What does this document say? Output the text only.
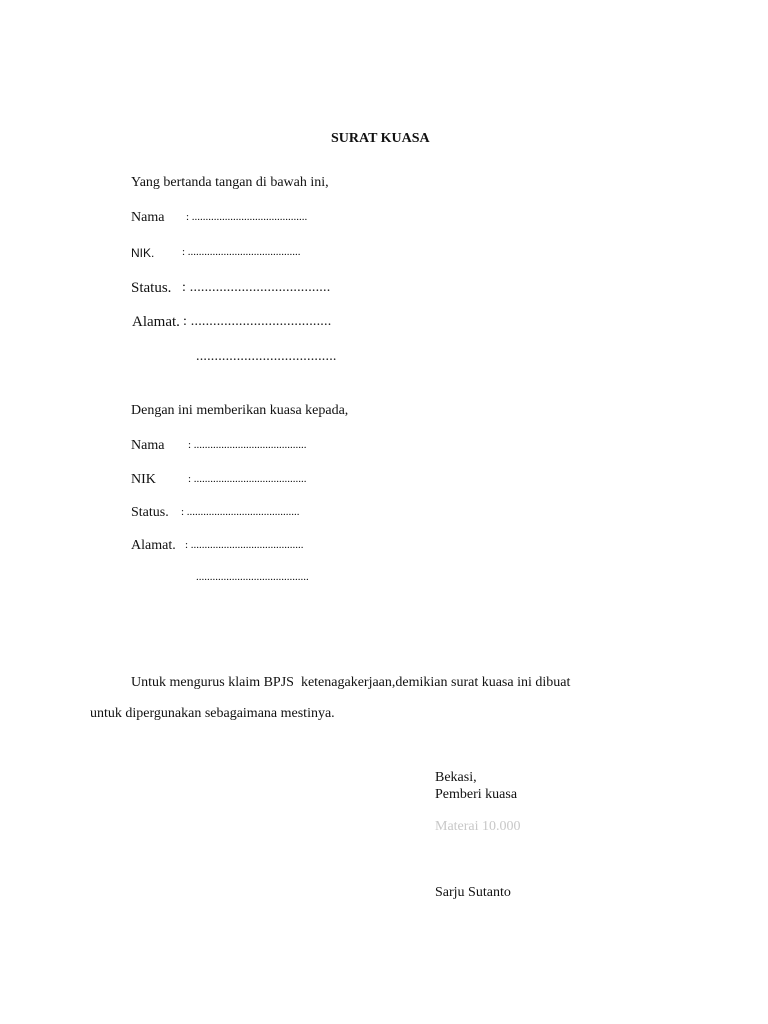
SURAT KUASA
Yang bertanda tangan di bawah ini,
Nama : ..........................................
NIK.	: .........................................
Status. : ......................................
Alamat. : ......................................
......................................
Dengan ini memberikan kuasa kepada,
Nama : .........................................
NIK	: .........................................
Status. : .........................................
Alamat. : .........................................
.........................................
Untuk mengurus klaim BPJS  ketenagakerjaan,demikian surat kuasa ini dibuat
untuk dipergunakan sebagaimana mestinya.
Bekasi,
Pemberi kuasa
Materai 10.000
Sarju Sutanto
